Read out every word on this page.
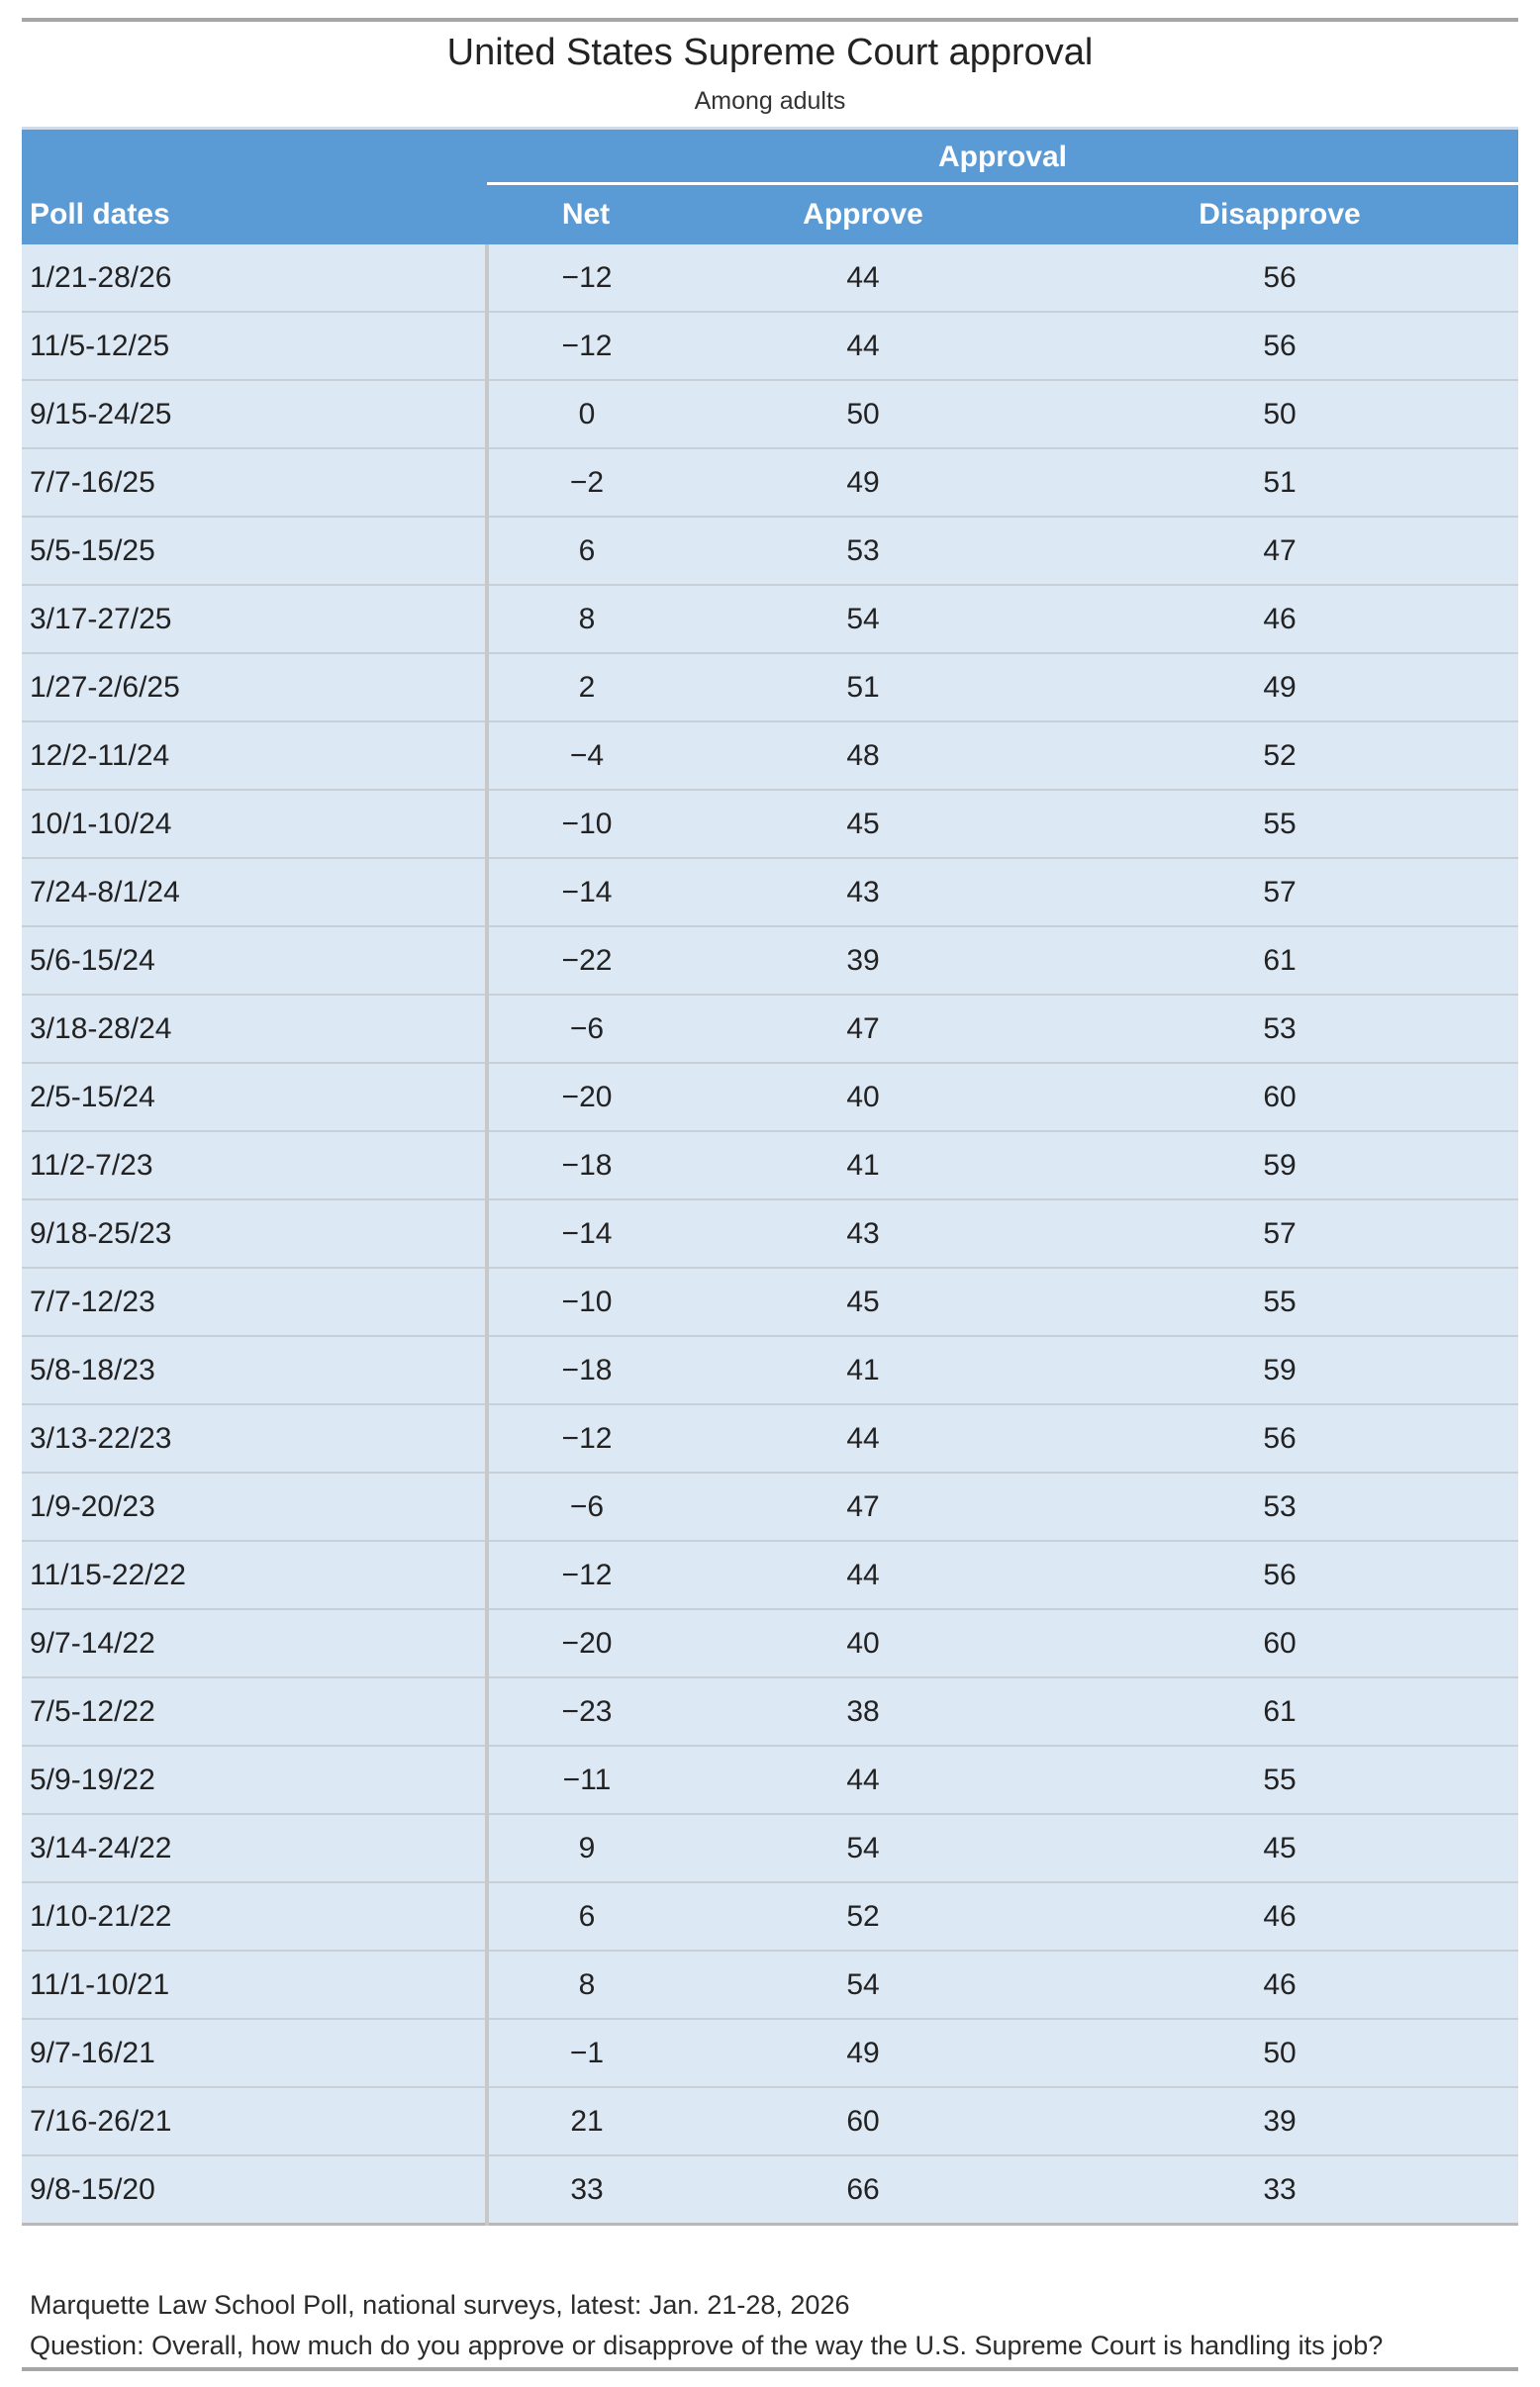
United States Supreme Court approval
Among adults
	Approval		

Poll dates	Net	Approve	Disapprove
1/21-28/26	−12	44	56
11/5-12/25	−12	44	56
9/15-24/25	0	50	50
7/7-16/25	−2	49	51
5/5-15/25	6	53	47
3/17-27/25	8	54	46
1/27-2/6/25	2	51	49
12/2-11/24	−4	48	52
10/1-10/24	−10	45	55
7/24-8/1/24	−14	43	57
5/6-15/24	−22	39	61
3/18-28/24	−6	47	53
2/5-15/24	−20	40	60
11/2-7/23	−18	41	59
9/18-25/23	−14	43	57
7/7-12/23	−10	45	55
5/8-18/23	−18	41	59
3/13-22/23	−12	44	56
1/9-20/23	−6	47	53
11/15-22/22	−12	44	56
9/7-14/22	−20	40	60
7/5-12/22	−23	38	61
5/9-19/22	−11	44	55
3/14-24/22	9	54	45
1/10-21/22	6	52	46
11/1-10/21	8	54	46
9/7-16/21	−1	49	50
7/16-26/21	21	60	39
9/8-15/20	33	66	33
Marquette Law School Poll, national surveys, latest: Jan. 21-28, 2026
Question: Overall, how much do you approve or disapprove of the way the U.S. Supreme Court is handling its job?
